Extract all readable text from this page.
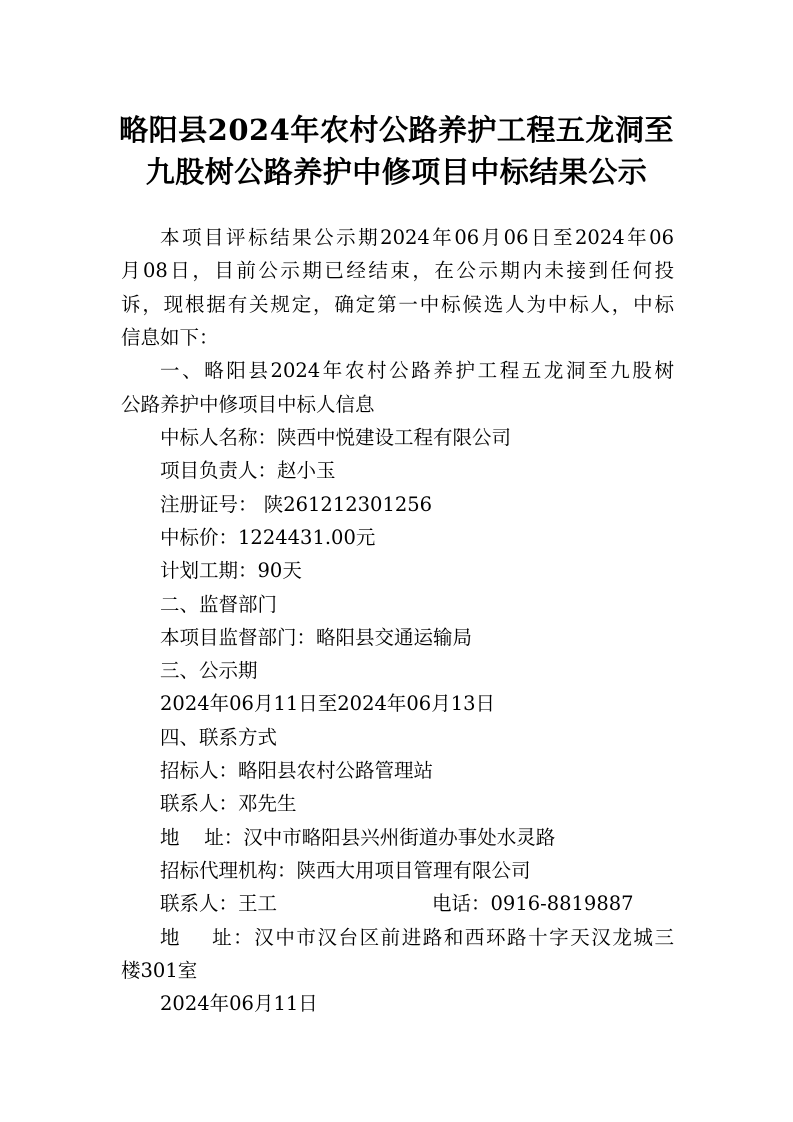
略阳县2024年农村公路养护工程五龙洞至
九股树公路养护中修项目中标结果公示
本项目评标结果公示期2024年06月06日至2024年06
月08日，目前公示期已经结束，在公示期内未接到任何投
诉，现根据有关规定，确定第一中标候选人为中标人，中标
信息如下：
一、略阳县2024年农村公路养护工程五龙洞至九股树
公路养护中修项目中标人信息
中标人名称：陕西中悦建设工程有限公司
项目负责人：赵小玉
注册证号： 陕261212301256
中标价：1224431.00元
计划工期：90天
二、监督部门
本项目监督部门：略阳县交通运输局
三、公示期
2024年06月11日至2024年06月13日
四、联系方式
招标人：略阳县农村公路管理站
联系人：邓先生
地    址：汉中市略阳县兴州街道办事处水灵路
招标代理机构：陕西大用项目管理有限公司
联系人：王工	电话：0916-8819887
地    址：汉中市汉台区前进路和西环路十字天汉龙城三
楼301室
2024年06月11日
